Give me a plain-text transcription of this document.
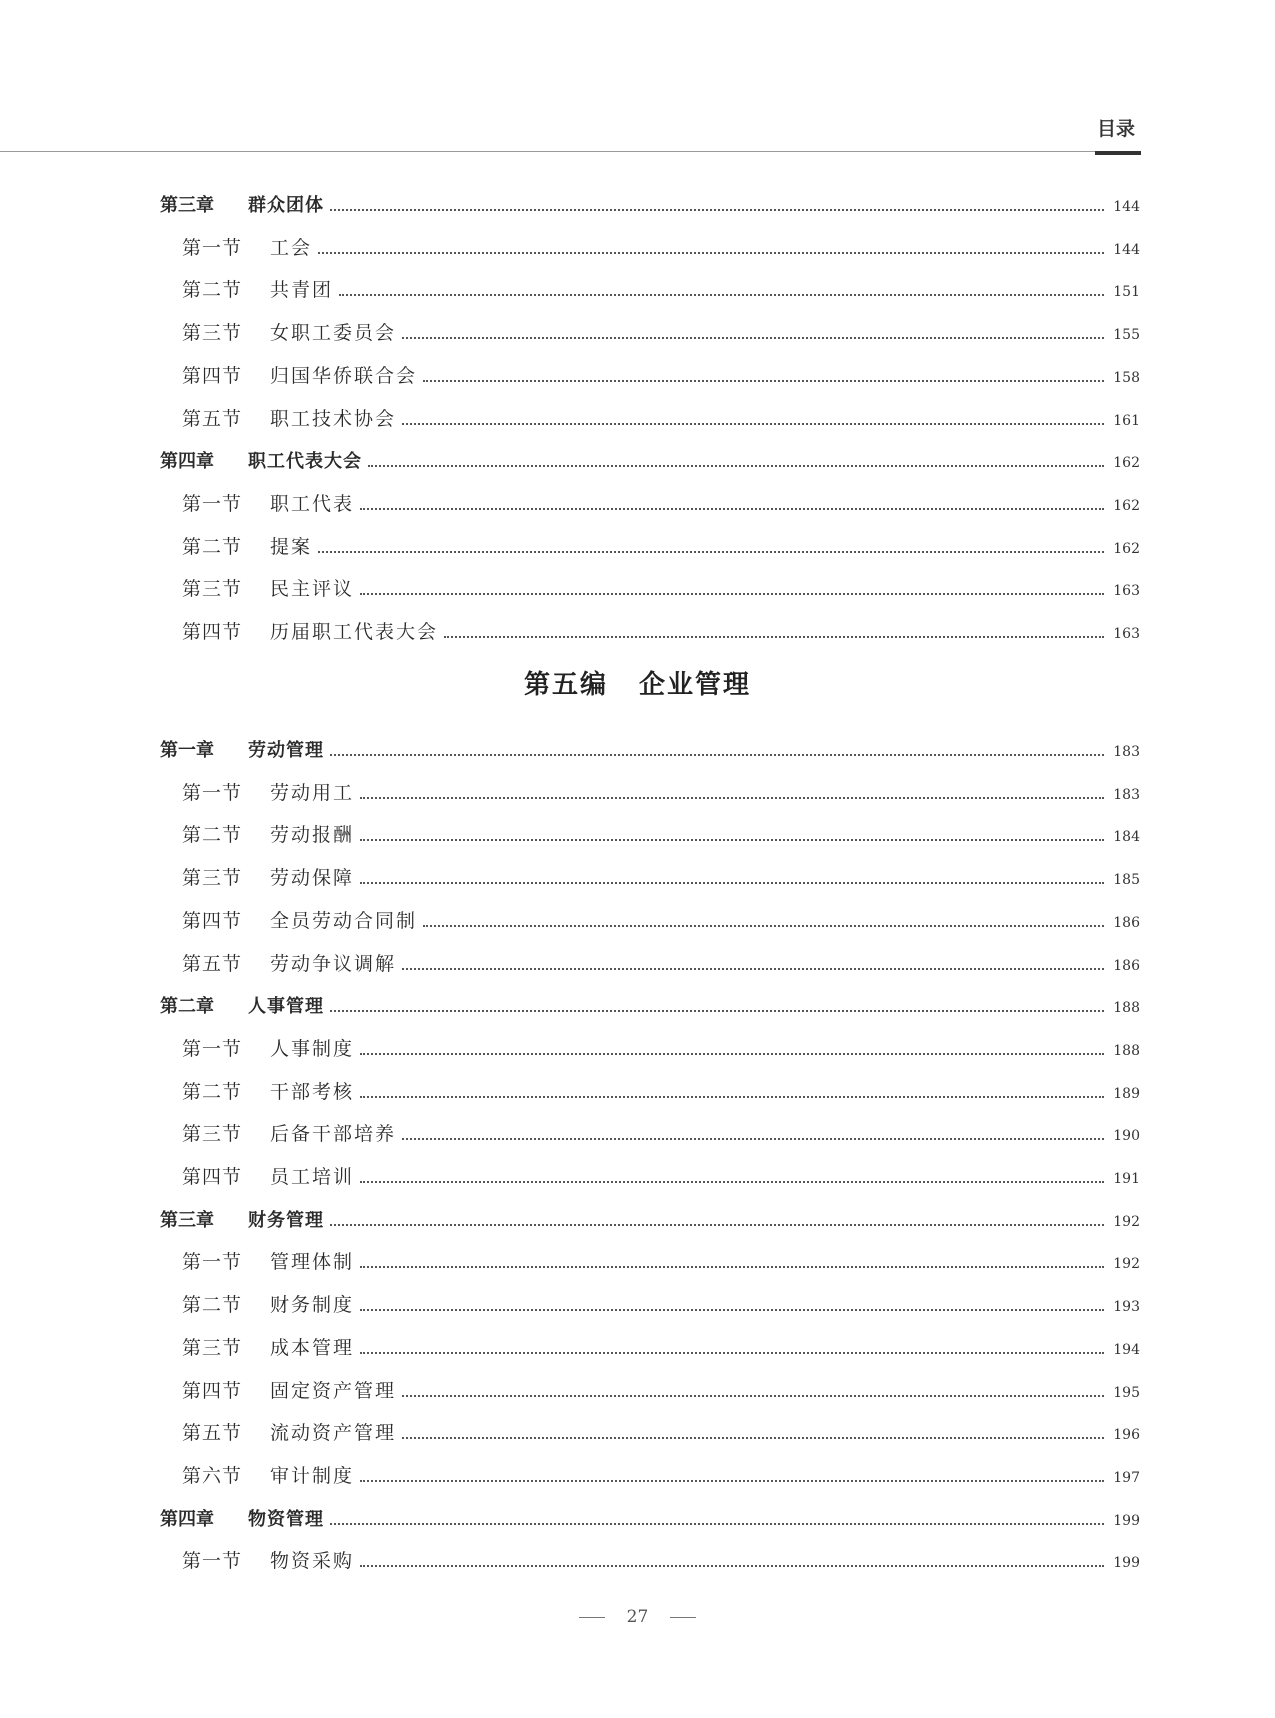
目录
第三章	群众团体	144
第一节	工会	144
第二节	共青团	151
第三节	女职工委员会	155
第四节	归国华侨联合会	158
第五节	职工技术协会	161
第四章	职工代表大会	162
第一节	职工代表	162
第二节	提案	162
第三节	民主评议	163
第四节	历届职工代表大会	163
第五编 企业管理
第一章	劳动管理	183
第一节	劳动用工	183
第二节	劳动报酬	184
第三节	劳动保障	185
第四节	全员劳动合同制	186
第五节	劳动争议调解	186
第二章	人事管理	188
第一节	人事制度	188
第二节	干部考核	189
第三节	后备干部培养	190
第四节	员工培训	191
第三章	财务管理	192
第一节	管理体制	192
第二节	财务制度	193
第三节	成本管理	194
第四节	固定资产管理	195
第五节	流动资产管理	196
第六节	审计制度	197
第四章	物资管理	199
第一节	物资采购	199
27
